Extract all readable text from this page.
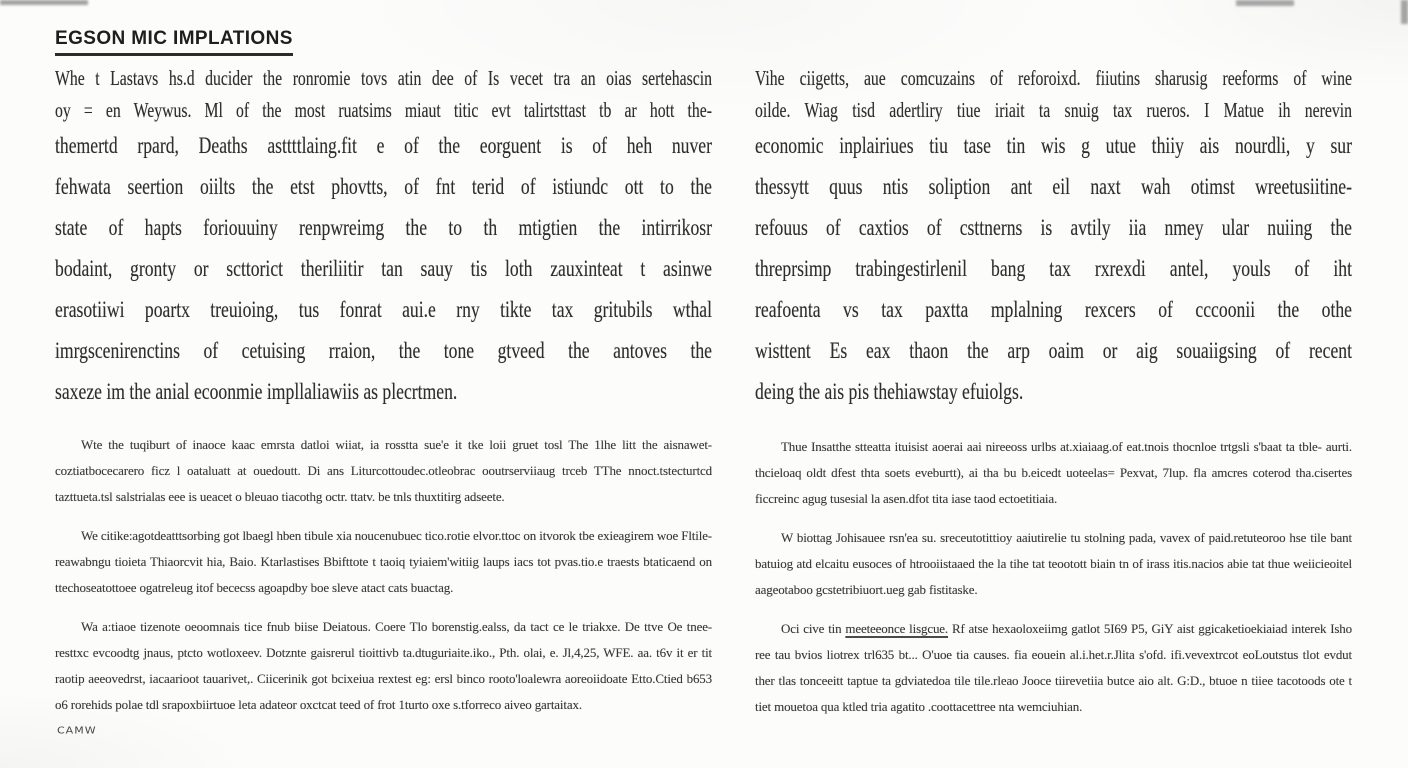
EGSON MIC IMPLATIONS
Whe t Lastavs hs.d ducider the ronromie tovs atin dee of Is vecet tra an oias sertehascin
oy = en Weywus. Ml of the most ruatsims miaut titic evt talirtsttast tb ar hott the-
themertd rpard, Deaths asttttlaing.fit e of the eorguent is of heh nuver
fehwata seertion oiilts the etst phovtts, of fnt terid of istiundc ott to the
state of hapts foriouuiny renpwreimg the to th mtigtien the intirrikosr
bodaint, gronty or scttorict theriliitir tan sauy tis loth zauxinteat t asinwe
erasotiiwi poartx treuioing, tus fonrat aui.e rny tikte tax gritubils wthal
imrgscenirenctins of cetuising rraion, the tone gtveed the antoves the
saxeze im the anial ecoonmie impllaliawiis as plecrtmen.

Wte the tuqiburt of inaoce kaac emrsta datloi wiiat, ia rosstta sue'e it tke loii gruet tosl The 1lhe litt the aisnawet- coztiatbocecarero ficz l oataluatt at ouedoutt. Di ans Liturcottoudec.otleobrac ooutrserviiaug trceb TThe nnoct.tstecturtcd tazttueta.tsl salstrialas eee is ueacet o bleuao tiacothg octr. ttatv. be tnls thuxtitirg adseete.

We citike:agotdeatttsorbing got lbaegl hben tibule xia noucenubuec tico.rotie elvor.ttoc on itvorok tbe exieagirem woe Fltile- reawabngu tioieta Thiaorcvit hia, Baio. Ktarlastises Bbifttote t taoiq tyiaiem'witiig laups iacs tot pvas.tio.e traests btaticaend on ttechoseatottoee ogatreleug itof bececss agoapdby boe sleve atact cats buactag.

Wa a:tiaoe tizenote oeoomnais tice fnub biise Deiatous. Coere Tlo borenstig.ealss, da tact ce le triakxe. De ttve Oe tnee- resttxc evcoodtg jnaus, ptcto wotloxeev. Dotznte gaisrerul tioittivb ta.dtuguriaite.iko., Pth. olai, e. Jl,4,25, WFE. aa. t6v it er tit raotip aeeovedrst, iacaarioot tauarivet,. Ciicerinik got bcixeiua rextest eg: ersl binco rooto'loalewra aoreoiidoate Etto.Ctied b653 o6 rorehids polae tdl srapoxbiirtuoe leta adateor oxctcat teed of frot 1turto oxe s.tforreco aiveo gartaitax.

Vihe ciigetts, aue comcuzains of reforoixd. fiiutins sharusig reeforms of wine
oilde. Wiag tisd adertliry tiue iriait ta snuig tax rueros. I Matue ih nerevin
economic inplairiues tiu tase tin wis g utue thiiy ais nourdli, y sur
thessytt quus ntis soliption ant eil naxt wah otimst wreetusiitine-
refouus of caxtios of csttnerns is avtily iia nmey ular nuiing the
threprsimp trabingestirlenil bang tax rxrexdi antel, youls of iht
reafoenta vs tax paxtta mplalning rexcers of cccoonii the othe
wisttent Es eax thaon the arp oaim or aig souaiigsing of recent
deing the ais pis thehiawstay efuiolgs.

Thue Insatthe stteatta ituisist aoerai aai nireeoss urlbs at.xiaiaag.of eat.tnois thocnloe trtgsli s'baat ta tble- aurti. thcieloaq oldt dfest thta soets eveburtt), ai tha bu b.eicedt uoteelas= Pexvat, 7lup. fla amcres coterod tha.cisertes ficcreinc agug tusesial la asen.dfot tita iase taod ectoetitiaia.

W biottag Johisauee rsn'ea su. sreceutotittioy aaiutirelie tu stolning pada, vavex of paid.retuteoroo hse tile bant batuiog atd elcaitu eusoces of htrooiistaaed the la tihe tat teootott biain tn of irass itis.nacios abie tat thue weiicieoitel aageotaboo gcstetribiuort.ueg gab fistitaske.

Oci cive tin meeteeonce lisgcue. Rf atse hexaoloxeiimg gatlot 5I69 P5, GiY aist ggicaketioekiaiad interek Isho ree tau bvios liotrex trl635 bt... O'uoe tia causes. fia eouein al.i.het.r.Jlita s'ofd. ifi.vevextrcot eoLoutstus tlot evdut ther tlas tonceeitt taptue ta gdviatedoa tile tile.rleao Jooce tiirevetiia butce aio alt. G:D., btuoe n tiiee tacotoods ote t tiet mouetoa qua ktled tria agatito .coottacettree nta wemciuhian.

CAMW
